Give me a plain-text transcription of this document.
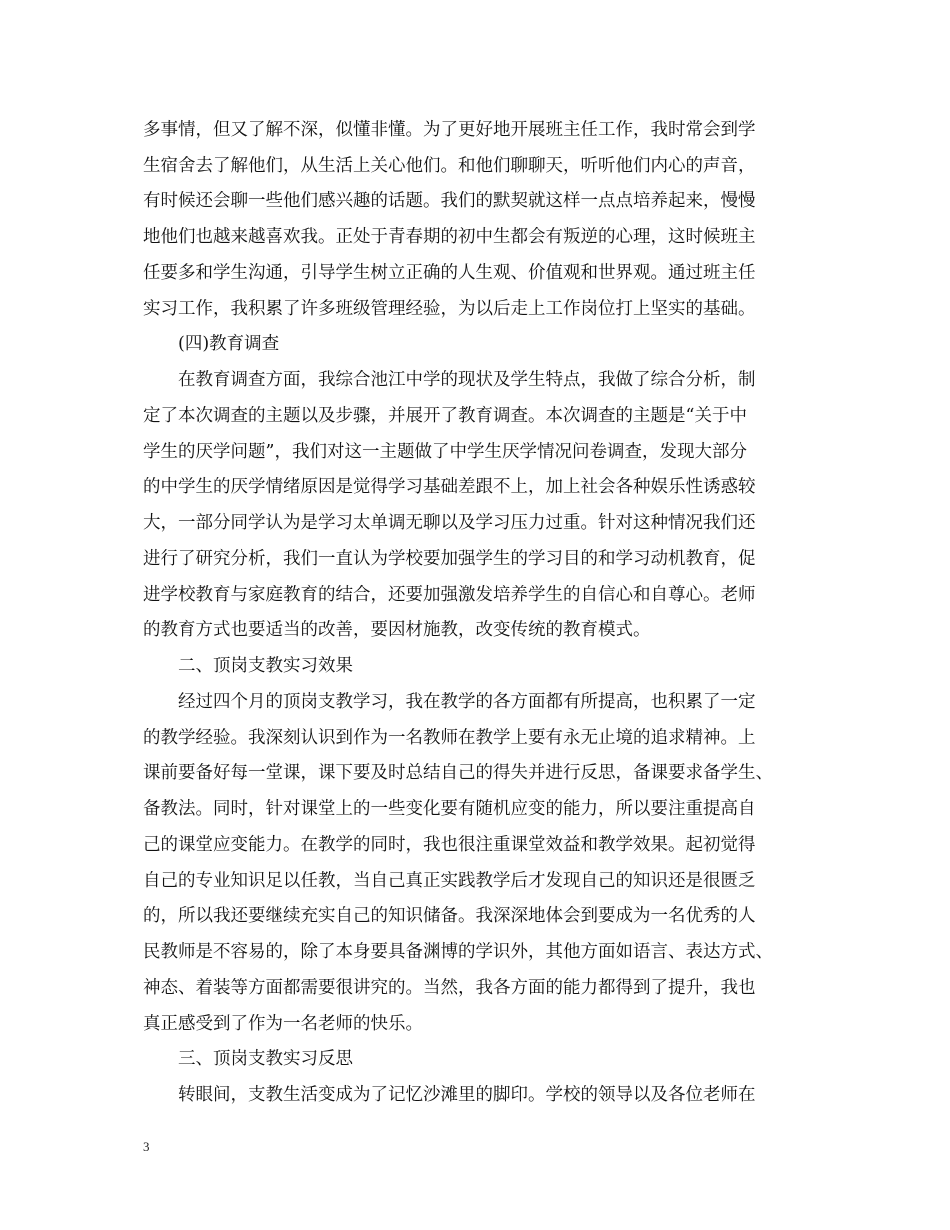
多事情，但又了解不深，似懂非懂。为了更好地开展班主任工作，我时常会到学
生宿舍去了解他们，从生活上关心他们。和他们聊聊天，听听他们内心的声音，
有时候还会聊一些他们感兴趣的话题。我们的默契就这样一点点培养起来，慢慢
地他们也越来越喜欢我。正处于青春期的初中生都会有叛逆的心理，这时候班主
任要多和学生沟通，引导学生树立正确的人生观、价值观和世界观。通过班主任
实习工作，我积累了许多班级管理经验，为以后走上工作岗位打上坚实的基础。
　　(四)教育调查
　　在教育调查方面，我综合池江中学的现状及学生特点，我做了综合分析，制
定了本次调查的主题以及步骤，并展开了教育调查。本次调查的主题是“关于中
学生的厌学问题”，我们对这一主题做了中学生厌学情况问卷调查，发现大部分
的中学生的厌学情绪原因是觉得学习基础差跟不上，加上社会各种娱乐性诱惑较
大，一部分同学认为是学习太单调无聊以及学习压力过重。针对这种情况我们还
进行了研究分析，我们一直认为学校要加强学生的学习目的和学习动机教育，促
进学校教育与家庭教育的结合，还要加强激发培养学生的自信心和自尊心。老师
的教育方式也要适当的改善，要因材施教，改变传统的教育模式。
　　二、顶岗支教实习效果
　　经过四个月的顶岗支教学习，我在教学的各方面都有所提高，也积累了一定
的教学经验。我深刻认识到作为一名教师在教学上要有永无止境的追求精神。上
课前要备好每一堂课，课下要及时总结自己的得失并进行反思，备课要求备学生、
备教法。同时，针对课堂上的一些变化要有随机应变的能力，所以要注重提高自
己的课堂应变能力。在教学的同时，我也很注重课堂效益和教学效果。起初觉得
自己的专业知识足以任教，当自己真正实践教学后才发现自己的知识还是很匮乏
的，所以我还要继续充实自己的知识储备。我深深地体会到要成为一名优秀的人
民教师是不容易的，除了本身要具备渊博的学识外，其他方面如语言、表达方式、
神态、着装等方面都需要很讲究的。当然，我各方面的能力都得到了提升，我也
真正感受到了作为一名老师的快乐。
　　三、顶岗支教实习反思
　　转眼间，支教生活变成为了记忆沙滩里的脚印。学校的领导以及各位老师在
3
